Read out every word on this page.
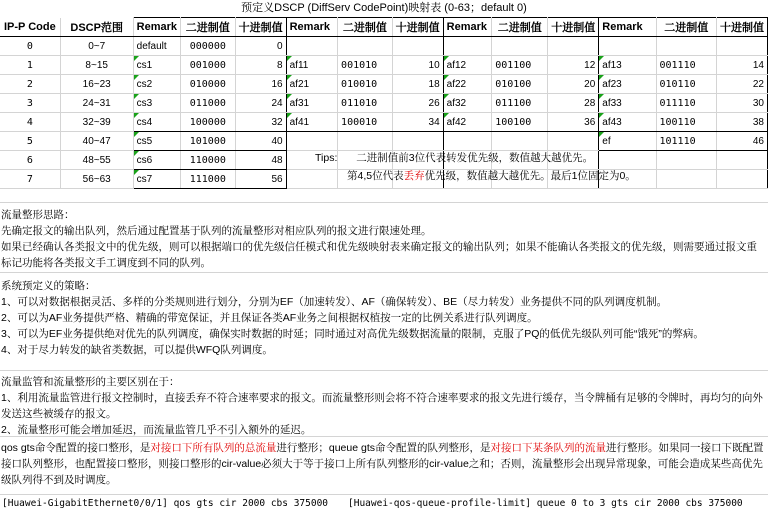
预定义DSCP (DiffServ CodePoint)映射表 (0-63；default 0)
IP-P Code	DSCP范围	Remark	二进制值	十进制值	Remark	二进制值	十进制值	Remark	二进制值	十进制值	Remark	二进制值	十进制值
0	0~7	default	000000	0									
1	8~15	cs1	001000	8	af11	001010	10	af12	001100	12	af13	001110	14
2	16~23	cs2	010000	16	af21	010010	18	af22	010100	20	af23	010110	22
3	24~31	cs3	011000	24	af31	011010	26	af32	011100	28	af33	011110	30
4	32~39	cs4	100000	32	af41	100010	34	af42	100100	36	af43	100110	38
5	40~47	cs5	101000	40							ef	101110	46
6	48~55	cs6	110000	48									
7	56~63	cs7	111000	56									
Tips: 二进制值前3位代表转发优先级，数值越大越优先。
第4,5位代表丢弃优先级，数值越大越优先。最后1位固定为0。

流量整形思路：

先确定报文的输出队列，然后通过配置基于队列的流量整形对相应队列的报文进行限速处理。

如果已经确认各类报文中的优先级，则可以根据端口的优先级信任模式和优先级映射表来确定报文的输出队列；如果不能确认各类报文的优先级，则需要通过报文重标记功能将各类报文手工调度到不同的队列。

系统预定义的策略：

1、可以对数据根据灵活、多样的分类规则进行划分，分别为EF（加速转发）、AF（确保转发）、BE（尽力转发）业务提供不同的队列调度机制。

2、可以为AF业务提供严格、精确的带宽保证，并且保证各类AF业务之间根据权植按一定的比例关系进行队列调度。

3、可以为EF业务提供绝对优先的队列调度，确保实时数据的时延；同时通过对高优先级数据流量的限制，克服了PQ的低优先级队列可能“饿死”的弊病。

4、对于尽力转发的缺省类数据，可以提供WFQ队列调度。

流量监管和流量整形的主要区别在于：

1、利用流量监管进行报文控制时，直接丢弃不符合速率要求的报文。而流量整形则会将不符合速率要求的报文先进行缓存，当令牌桶有足够的令牌时，再均匀的向外发送这些被缓存的报文。

2、流量整形可能会增加延迟，而流量监管几乎不引入额外的延迟。

qos gts命令配置的接口整形，是对接口下所有队列的总流量进行整形；queue gts命令配置的队列整形，是对接口下某条队列的流量进行整形。如果同一接口下既配置接口队列整形，也配置接口整形，则接口整形的cir-value必须大于等于接口上所有队列整形的cir-value之和；否则，流量整形会出现异常现象，可能会造成某些高优先级队列得不到及时调度。

[Huawei-GigabitEthernet0/0/1] qos gts cir 2000 cbs 375000 [Huawei-qos-queue-profile-limit] queue 0 to 3 gts cir 2000 cbs 375000
